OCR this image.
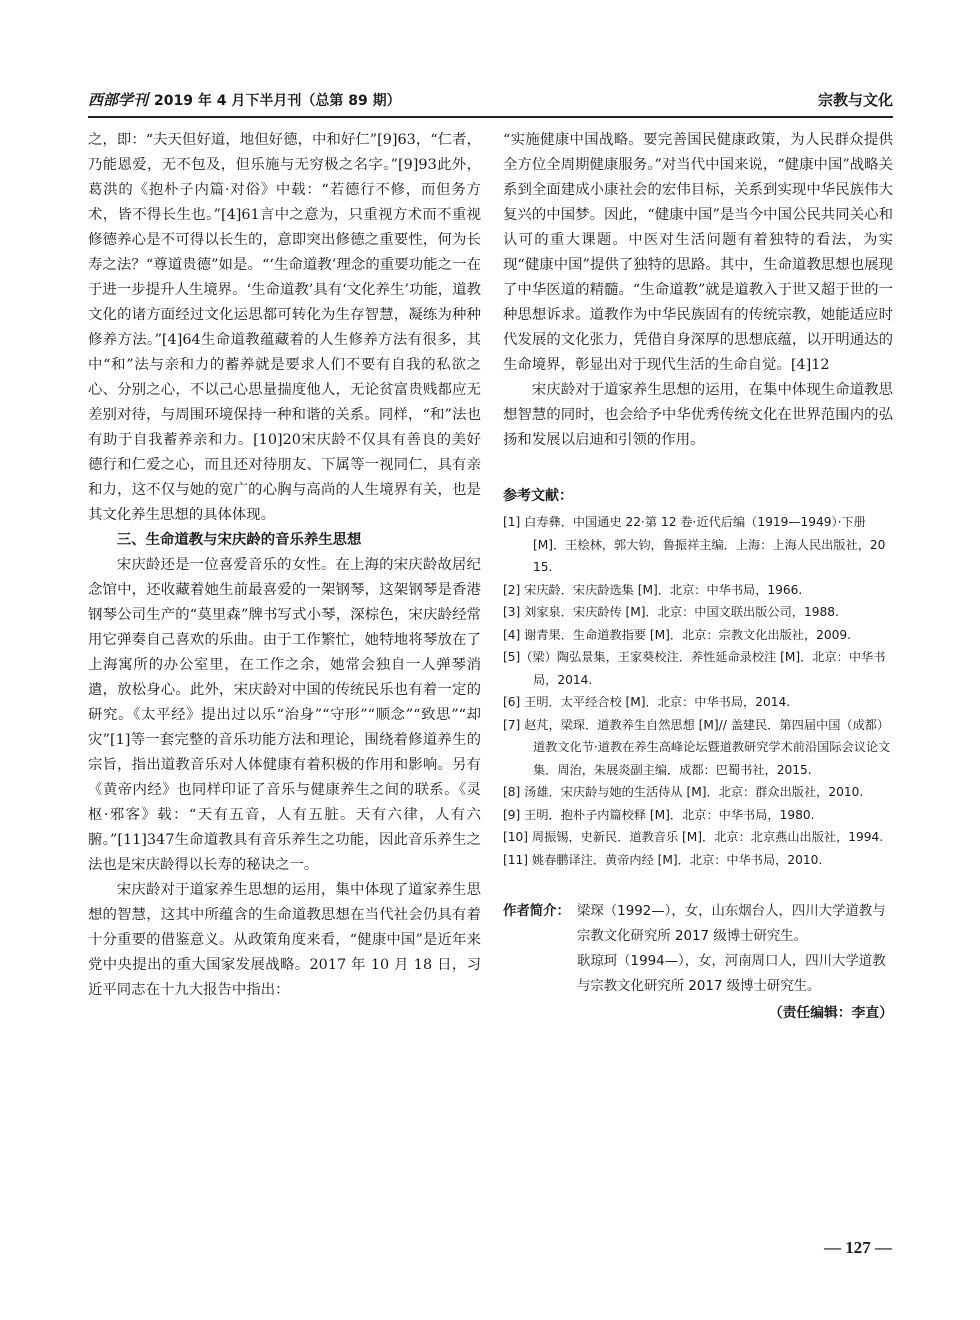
西部学刊 2019 年 4 月下半月刊（总第 89 期）	宗教与文化

之，即：“夫天但好道，地但好德，中和好仁”[9]63，“仁者，乃能恩爱，无不包及，但乐施与无穷极之名字。”[9]93此外，葛洪的《抱朴子内篇·对俗》中载：“若德行不修，而但务方术，皆不得长生也。”[4]61言中之意为，只重视方术而不重视修德养心是不可得以长生的，意即突出修德之重要性，何为长寿之法？“尊道贵德”如是。“‘生命道教’理念的重要功能之一在于进一步提升人生境界。‘生命道教’具有‘文化养生’功能，道教文化的诸方面经过文化运思都可转化为生存智慧，凝练为种种修养方法。”[4]64生命道教蕴藏着的人生修养方法有很多，其中“和”法与亲和力的蓄养就是要求人们不要有自我的私欲之心、分别之心，不以己心思量揣度他人，无论贫富贵贱都应无差别对待，与周围环境保持一种和谐的关系。同样，“和”法也有助于自我蓄养亲和力。[10]20宋庆龄不仅具有善良的美好德行和仁爱之心，而且还对待朋友、下属等一视同仁，具有亲和力，这不仅与她的宽广的心胸与高尚的人生境界有关，也是其文化养生思想的具体体现。

三、生命道教与宋庆龄的音乐养生思想

宋庆龄还是一位喜爱音乐的女性。在上海的宋庆龄故居纪念馆中，还收藏着她生前最喜爱的一架钢琴，这架钢琴是香港钢琴公司生产的“莫里森”牌书写式小琴，深棕色，宋庆龄经常用它弹奏自己喜欢的乐曲。由于工作繁忙，她特地将琴放在了上海寓所的办公室里，在工作之余，她常会独自一人弹琴消遣，放松身心。此外，宋庆龄对中国的传统民乐也有着一定的研究。《太平经》提出过以乐“治身”“守形”“顺念”“致思”“却灾”[1]等一套完整的音乐功能方法和理论，围绕着修道养生的宗旨，指出道教音乐对人体健康有着积极的作用和影响。另有《黄帝内经》也同样印证了音乐与健康养生之间的联系。《灵枢·邪客》载：“天有五音，人有五脏。天有六律，人有六腑。”[11]347生命道教具有音乐养生之功能，因此音乐养生之法也是宋庆龄得以长寿的秘诀之一。

宋庆龄对于道家养生思想的运用，集中体现了道家养生思想的智慧，这其中所蕴含的生命道教思想在当代社会仍具有着十分重要的借鉴意义。从政策角度来看，“健康中国”是近年来党中央提出的重大国家发展战略。2017 年 10 月 18 日，习近平同志在十九大报告中指出：

“实施健康中国战略。要完善国民健康政策，为人民群众提供全方位全周期健康服务。”对当代中国来说，“健康中国”战略关系到全面建成小康社会的宏伟目标，关系到实现中华民族伟大复兴的中国梦。因此，“健康中国”是当今中国公民共同关心和认可的重大课题。中医对生活问题有着独特的看法，为实现“健康中国”提供了独特的思路。其中，生命道教思想也展现了中华医道的精髓。“生命道教”就是道教入于世又超于世的一种思想诉求。道教作为中华民族固有的传统宗教，她能适应时代发展的文化张力，凭借自身深厚的思想底蕴，以开明通达的生命境界，彰显出对于现代生活的生命自觉。[4]12

宋庆龄对于道家养生思想的运用，在集中体现生命道教思想智慧的同时，也会给予中华优秀传统文化在世界范围内的弘扬和发展以启迪和引领的作用。

参考文献：
[1] 白寿彝．中国通史 22·第 12 卷·近代后编（1919—1949）·下册 [M]．王桧林，郭大钧，鲁振祥主编．上海：上海人民出版社，2015.
[2] 宋庆龄．宋庆龄选集 [M]．北京：中华书局，1966.
[3] 刘家泉．宋庆龄传 [M]．北京：中国文联出版公司，1988.
[4] 谢青果．生命道教指要 [M]．北京：宗教文化出版社，2009.
[5]（梁）陶弘景集，王家葵校注．养性延命录校注 [M]．北京：中华书局，2014.
[6] 王明．太平经合校 [M]．北京：中华书局，2014.
[7] 赵芃，梁琛．道教养生自然思想 [M]// 盖建民．第四届中国（成都）道教文化节·道教在养生高峰论坛暨道教研究学术前沿国际会议论文集．周治，朱展炎副主编．成都：巴蜀书社，2015.
[8] 汤雄．宋庆龄与她的生活侍从 [M]．北京：群众出版社，2010.
[9] 王明．抱朴子内篇校释 [M]．北京：中华书局，1980.
[10] 周振锡，史新民．道教音乐 [M]．北京：北京燕山出版社，1994.
[11] 姚春鹏译注．黄帝内经 [M]．北京：中华书局，2010.
作者简介： 梁琛（1992—），女，山东烟台人，四川大学道教与宗教文化研究所 2017 级博士研究生。
耿琼珂（1994—），女，河南周口人，四川大学道教与宗教文化研究所 2017 级博士研究生。
（责任编辑：李直）
— 127 —
